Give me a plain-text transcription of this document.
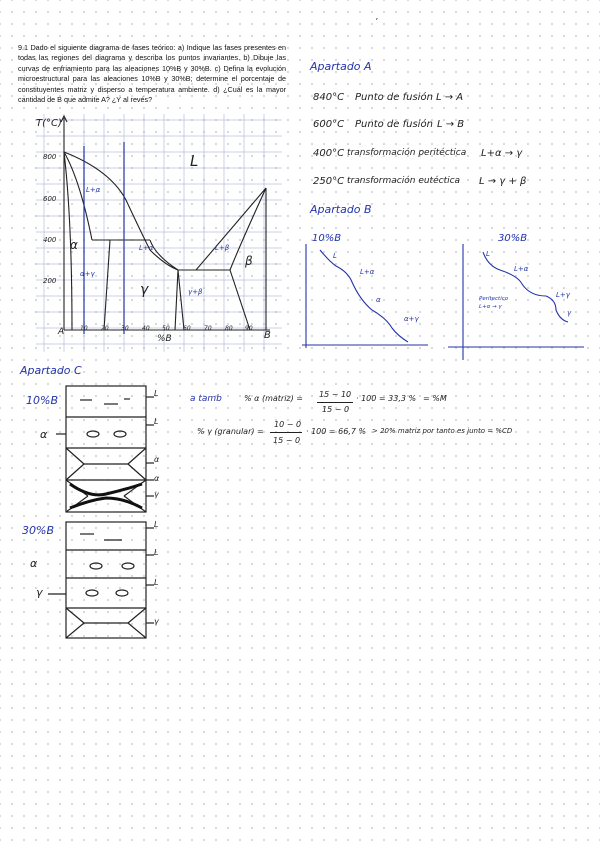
,
9.1 Dado el siguiente diagrama de fases teórico: a) Indique las fases presentes en todas las regiones del diagrama y describa los puntos invariantes. b) Dibuje las curvas de enfriamiento para las aleaciones 10%B y 30%B. c) Defina la evolución microestructural para las aleaciones 10%B y 30%B; determine el porcentaje de constituyentes matriz y disperso a temperatura ambiente. d) ¿Cuál es la mayor cantidad de B que admite A? ¿Y al revés?
T(°C)
800
600
400
200
A	10 20 30 40 50 60 70 80 90
B
%B
L
α
β
γ
L+α
L+α	L+β
α+γ
γ+β
Apartado A
840°C Punto de fusión L → A
600°C Punto de fusión L → B
400°C transformación peritéctica L+α → γ
250°C transformación eutéctica L → γ + β
Apartado B
10%B	30%B
L
L+α
α
α+γ
L
L+α
Peritectico L+α → γ
L+γ
γ
Apartado C
10%B
α
L
L
α
α
γ
30%B
α
γ
L
L
L
γ
a tamb	% α (matriz) = 15 − 10
15 − 0
· 100 = 33,3 % = %M
% γ (granular) =
10 − 0
15 − 0
· 100 = 66,7 % > 20% matriz por tanto es junto = %CD
